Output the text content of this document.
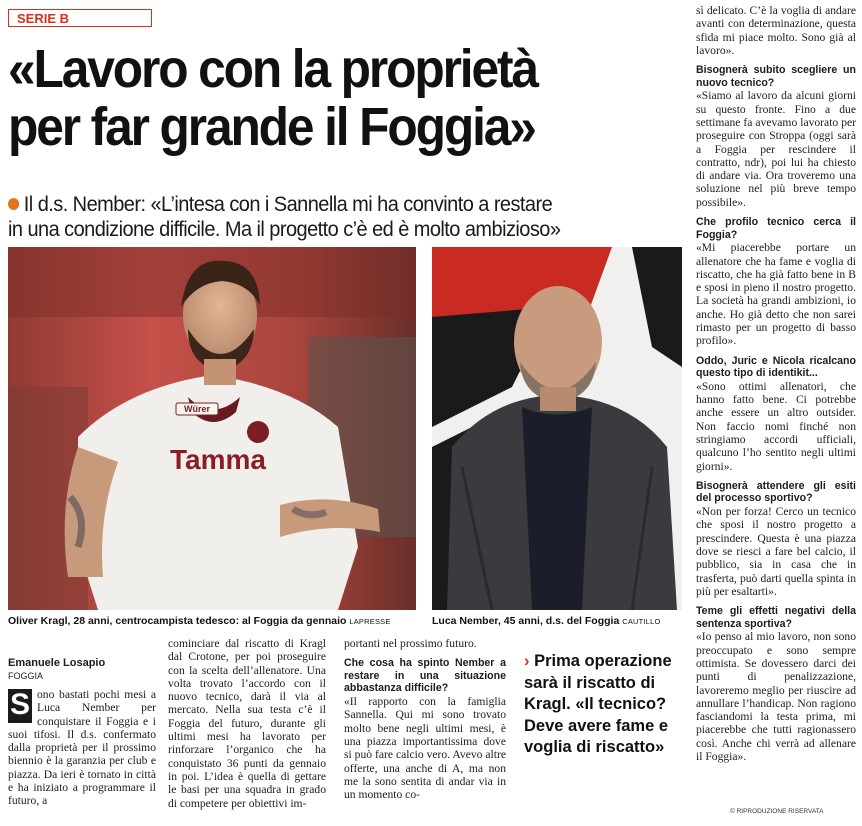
SERIE B
«Lavoro con la proprietà
per far grande il Foggia»
Il d.s. Nember: «L’intesa con i Sannella mi ha convinto a restare
in una condizione difficile. Ma il progetto c’è ed è molto ambizioso»
Würer
Tamma
Oliver Kragl, 28 anni, centrocampista tedesco: al Foggia da gennaio LAPRESSE	Luca Nember, 45 anni, d.s. del Foggia CAUTILLO
Emanuele Losapio
FOGGIA
S ono bastati pochi mesi a Luca Nember per conquistare il Foggia e i suoi tifosi. Il d.s. confermato dalla proprietà per il prossimo biennio è la garanzia per club e piazza. Da ieri è tornato in città e ha iniziato a programmare il futuro, a

cominciare dal riscatto di Kragl dal Crotone, per poi proseguire con la scelta dell’allenatore. Una volta trovato l’accordo con il nuovo tecnico, darà il via al mercato. Nella sua testa c’è il Foggia del futuro, durante gli ultimi mesi ha lavorato per rinforzare l’organico che ha conquistato 36 punti da gennaio in poi. L’idea è quella di gettare le basi per una squadra in grado di competere per obiettivi im-

portanti nel prossimo futuro.

Che cosa ha spinto Nember a restare in una situazione abbastanza difficile?

«Il rapporto con la famiglia Sannella. Qui mi sono trovato molto bene negli ultimi mesi, è una piazza importantissima dove si può fare calcio vero. Avevo altre offerte, una anche di A, ma non me la sono sentita di andar via in un momento co-

› Prima operazione sarà il riscatto di Kragl. «Il tecnico? Deve avere fame e voglia di riscatto»

sì delicato. C’è la voglia di andare avanti con determinazione, questa sfida mi piace molto. Sono già al lavoro».

Bisognerà subito scegliere un nuovo tecnico?

«Siamo al lavoro da alcuni giorni su questo fronte. Fino a due settimane fa avevamo lavorato per proseguire con Stroppa (oggi sarà a Foggia per rescindere il contratto, ndr), poi lui ha chiesto di andare via. Ora troveremo una soluzione nel più breve tempo possibile».

Che profilo tecnico cerca il Foggia?

«Mi piacerebbe portare un allenatore che ha fame e voglia di riscatto, che ha già fatto bene in B e sposi in pieno il nostro progetto. La società ha grandi ambizioni, io anche. Ho già detto che non sarei rimasto per un progetto di basso profilo».

Oddo, Juric e Nicola ricalcano questo tipo di identikit...

«Sono ottimi allenatori, che hanno fatto bene. Ci potrebbe anche essere un altro outsider. Non faccio nomi finché non stringiamo accordi ufficiali, qualcuno l’ho sentito negli ultimi giorni».

Bisognerà attendere gli esiti del processo sportivo?

«Non per forza! Cerco un tecnico che sposi il nostro progetto a prescindere. Questa è una piazza dove se riesci a fare bel calcio, il pubblico, sia in casa che in trasferta, può darti quella spinta in più per esaltarti».

Teme gli effetti negativi della sentenza sportiva?

«Io penso al mio lavoro, non sono preoccupato e sono sempre ottimista. Se dovessero darci dei punti di penalizzazione, lavoreremo meglio per riuscire ad annullare l’handicap. Non ragiono fasciandomi la testa prima, mi piacerebbe che tutti ragionassero così. Anche chi verrà ad allenare il Foggia».

© RIPRODUZIONE RISERVATA
